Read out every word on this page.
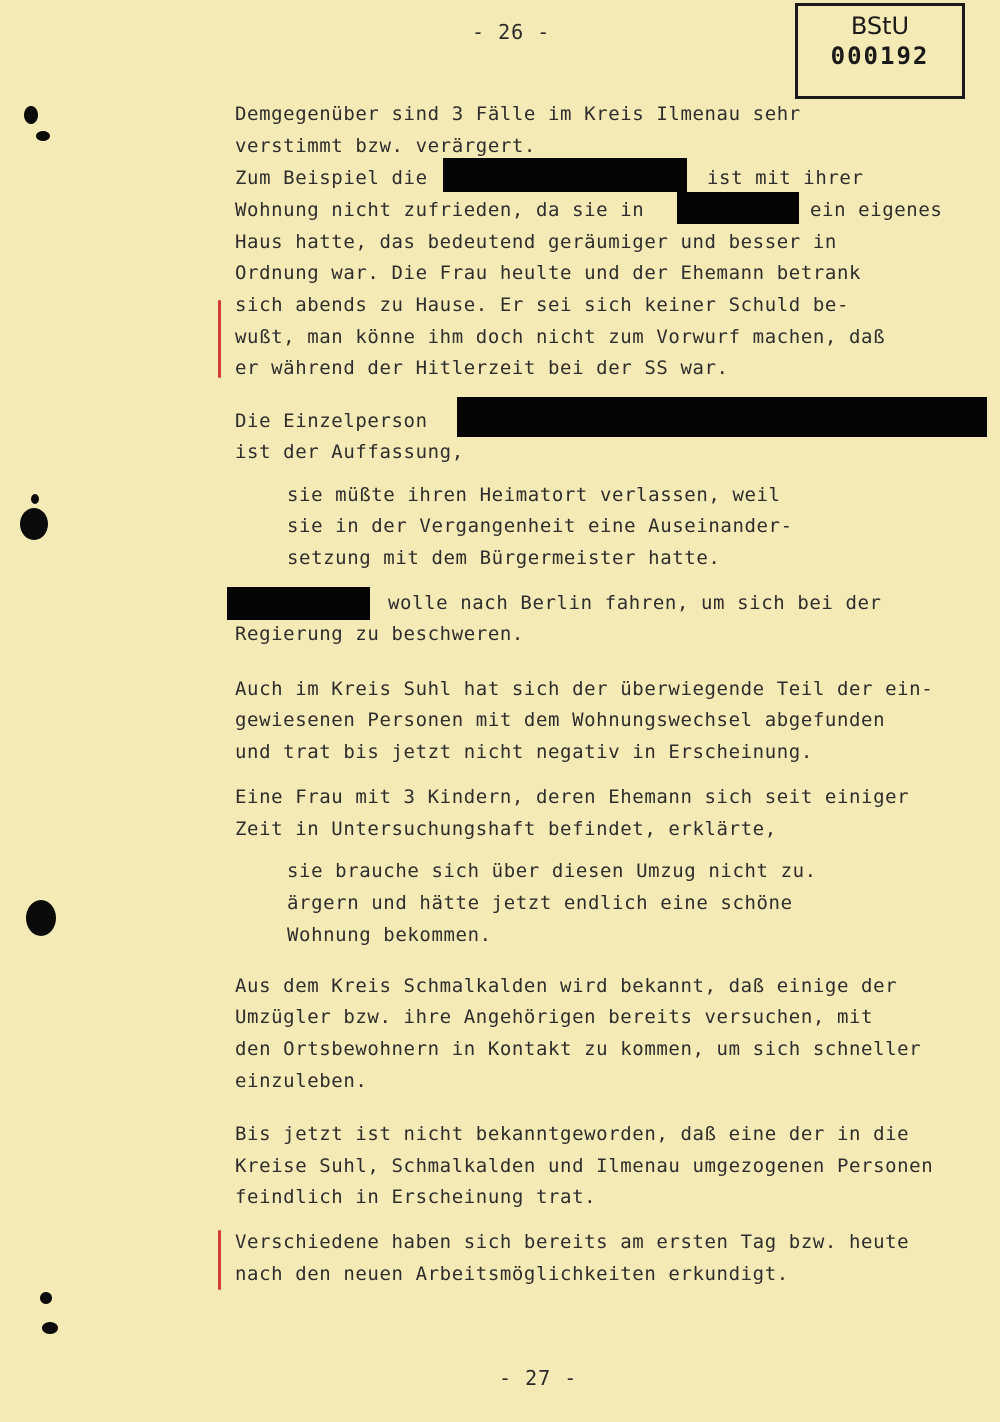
- 26 -	BStU
000192
Demgegenüber sind 3 Fälle im Kreis Ilmenau sehr
verstimmt bzw. verärgert.
Zum Beispiel die	ist mit ihrer
Wohnung nicht zufrieden, da sie in	ein eigenes
Haus hatte, das bedeutend geräumiger und besser in
Ordnung war. Die Frau heulte und der Ehemann betrank
sich abends zu Hause. Er sei sich keiner Schuld be-
wußt, man könne ihm doch nicht zum Vorwurf machen, daß
er während der Hitlerzeit bei der SS war.
Die Einzelperson
ist der Auffassung,
sie müßte ihren Heimatort verlassen, weil
sie in der Vergangenheit eine Auseinander-
setzung mit dem Bürgermeister hatte.
wolle nach Berlin fahren, um sich bei der
Regierung zu beschweren.
Auch im Kreis Suhl hat sich der überwiegende Teil der ein-
gewiesenen Personen mit dem Wohnungswechsel abgefunden
und trat bis jetzt nicht negativ in Erscheinung.
Eine Frau mit 3 Kindern, deren Ehemann sich seit einiger
Zeit in Untersuchungshaft befindet, erklärte,
sie brauche sich über diesen Umzug nicht zu.
ärgern und hätte jetzt endlich eine schöne
Wohnung bekommen.
Aus dem Kreis Schmalkalden wird bekannt, daß einige der
Umzügler bzw. ihre Angehörigen bereits versuchen, mit
den Ortsbewohnern in Kontakt zu kommen, um sich schneller
einzuleben.
Bis jetzt ist nicht bekanntgeworden, daß eine der in die
Kreise Suhl, Schmalkalden und Ilmenau umgezogenen Personen
feindlich in Erscheinung trat.
Verschiedene haben sich bereits am ersten Tag bzw. heute
nach den neuen Arbeitsmöglichkeiten erkundigt.
- 27 -
